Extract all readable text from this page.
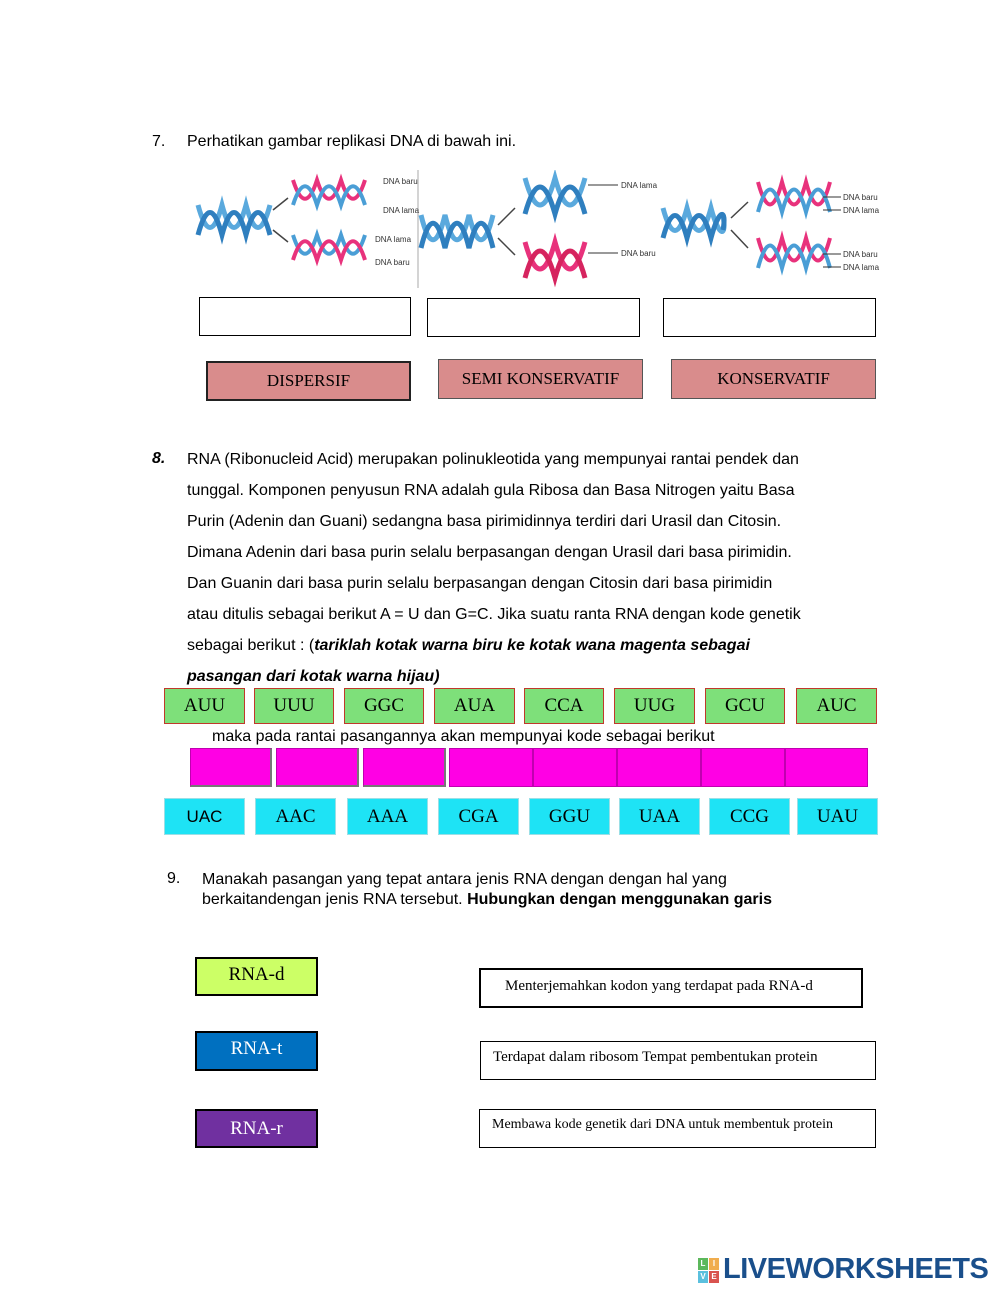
7. Perhatikan gambar replikasi DNA di bawah ini.
DNA baru
DNA lama
DNA lama
DNA baru
DNA lama
DNA baru
DNA baru
DNA lama
DNA baru
DNA lama
DISPERSIF	SEMI KONSERVATIF	KONSERVATIF
8. RNA (Ribonucleid Acid) merupakan polinukleotida yang mempunyai rantai pendek dan
tunggal. Komponen penyusun RNA adalah gula Ribosa dan Basa Nitrogen yaitu Basa
Purin (Adenin dan Guani) sedangna basa pirimidinnya terdiri dari Urasil dan Citosin.
Dimana Adenin dari basa purin selalu berpasangan dengan Urasil dari basa pirimidin.
Dan Guanin dari basa purin selalu berpasangan dengan Citosin dari basa pirimidin
atau ditulis sebagai berikut A = U dan G=C. Jika suatu ranta RNA dengan kode genetik
sebagai berikut : (tariklah kotak warna biru ke kotak wana magenta sebagai
pasangan dari kotak warna hijau)
AUU	UUU	GGC	AUA	CCA	UUG	GCU	AUC
maka pada rantai pasangannya akan mempunyai kode sebagai berikut
UAC	AAC	AAA	CGA	GGU	UAA	CCG	UAU
9. Manakah pasangan yang tepat antara jenis RNA dengan dengan hal yang
berkaitandengan jenis RNA tersebut. Hubungkan dengan menggunakan garis
RNA-d
RNA-t
RNA-r
Menterjemahkan kodon yang terdapat pada RNA-d
Terdapat dalam ribosom Tempat pembentukan protein
Membawa kode genetik dari DNA untuk membentuk protein
L I
V E LIVEWORKSHEETS
